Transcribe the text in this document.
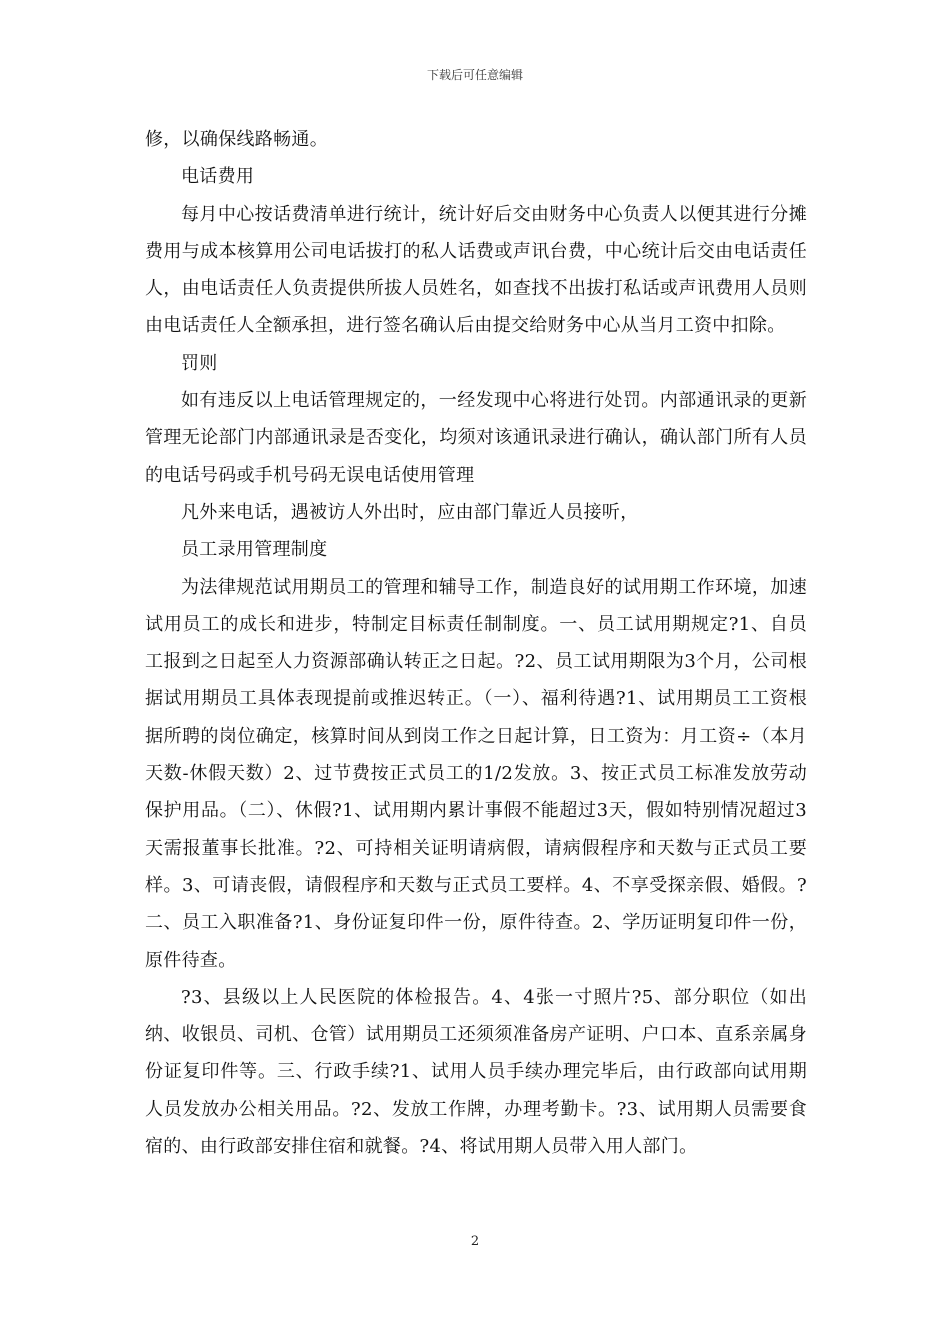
下载后可任意编辑

修，以确保线路畅通。

电话费用

每月中心按话费清单进行统计，统计好后交由财务中心负责人以便其进行分摊费用与成本核算用公司电话拔打的私人话费或声讯台费，中心统计后交由电话责任人，由电话责任人负责提供所拔人员姓名，如查找不出拔打私话或声讯费用人员则由电话责任人全额承担，进行签名确认后由提交给财务中心从当月工资中扣除。

罚则

如有违反以上电话管理规定的，一经发现中心将进行处罚。内部通讯录的更新管理无论部门内部通讯录是否变化，均须对该通讯录进行确认，确认部门所有人员的电话号码或手机号码无误电话使用管理

凡外来电话，遇被访人外出时，应由部门靠近人员接听，

员工录用管理制度

为法律规范试用期员工的管理和辅导工作，制造良好的试用期工作环境，加速试用员工的成长和进步，特制定目标责任制制度。一、员工试用期规定?1、自员工报到之日起至人力资源部确认转正之日起。?2、员工试用期限为3个月，公司根据试用期员工具体表现提前或推迟转正。（一）、福利待遇?1、试用期员工工资根据所聘的岗位确定，核算时间从到岗工作之日起计算，日工资为：月工资÷（本月天数-休假天数）2、过节费按正式员工的1/2发放。3、按正式员工标准发放劳动保护用品。（二）、休假?1、试用期内累计事假不能超过3天，假如特别情况超过3天需报董事长批准。?2、可持相关证明请病假，请病假程序和天数与正式员工要样。3、可请丧假，请假程序和天数与正式员工要样。4、不享受探亲假、婚假。?二、员工入职准备?1、身份证复印件一份，原件待查。2、学历证明复印件一份，原件待查。

?3、县级以上人民医院的体检报告。4、4张一寸照片?5、部分职位（如出纳、收银员、司机、仓管）试用期员工还须须准备房产证明、户口本、直系亲属身份证复印件等。三、行政手续?1、试用人员手续办理完毕后，由行政部向试用期人员发放办公相关用品。?2、发放工作牌，办理考勤卡。?3、试用期人员需要食宿的、由行政部安排住宿和就餐。?4、将试用期人员带入用人部门。

2
